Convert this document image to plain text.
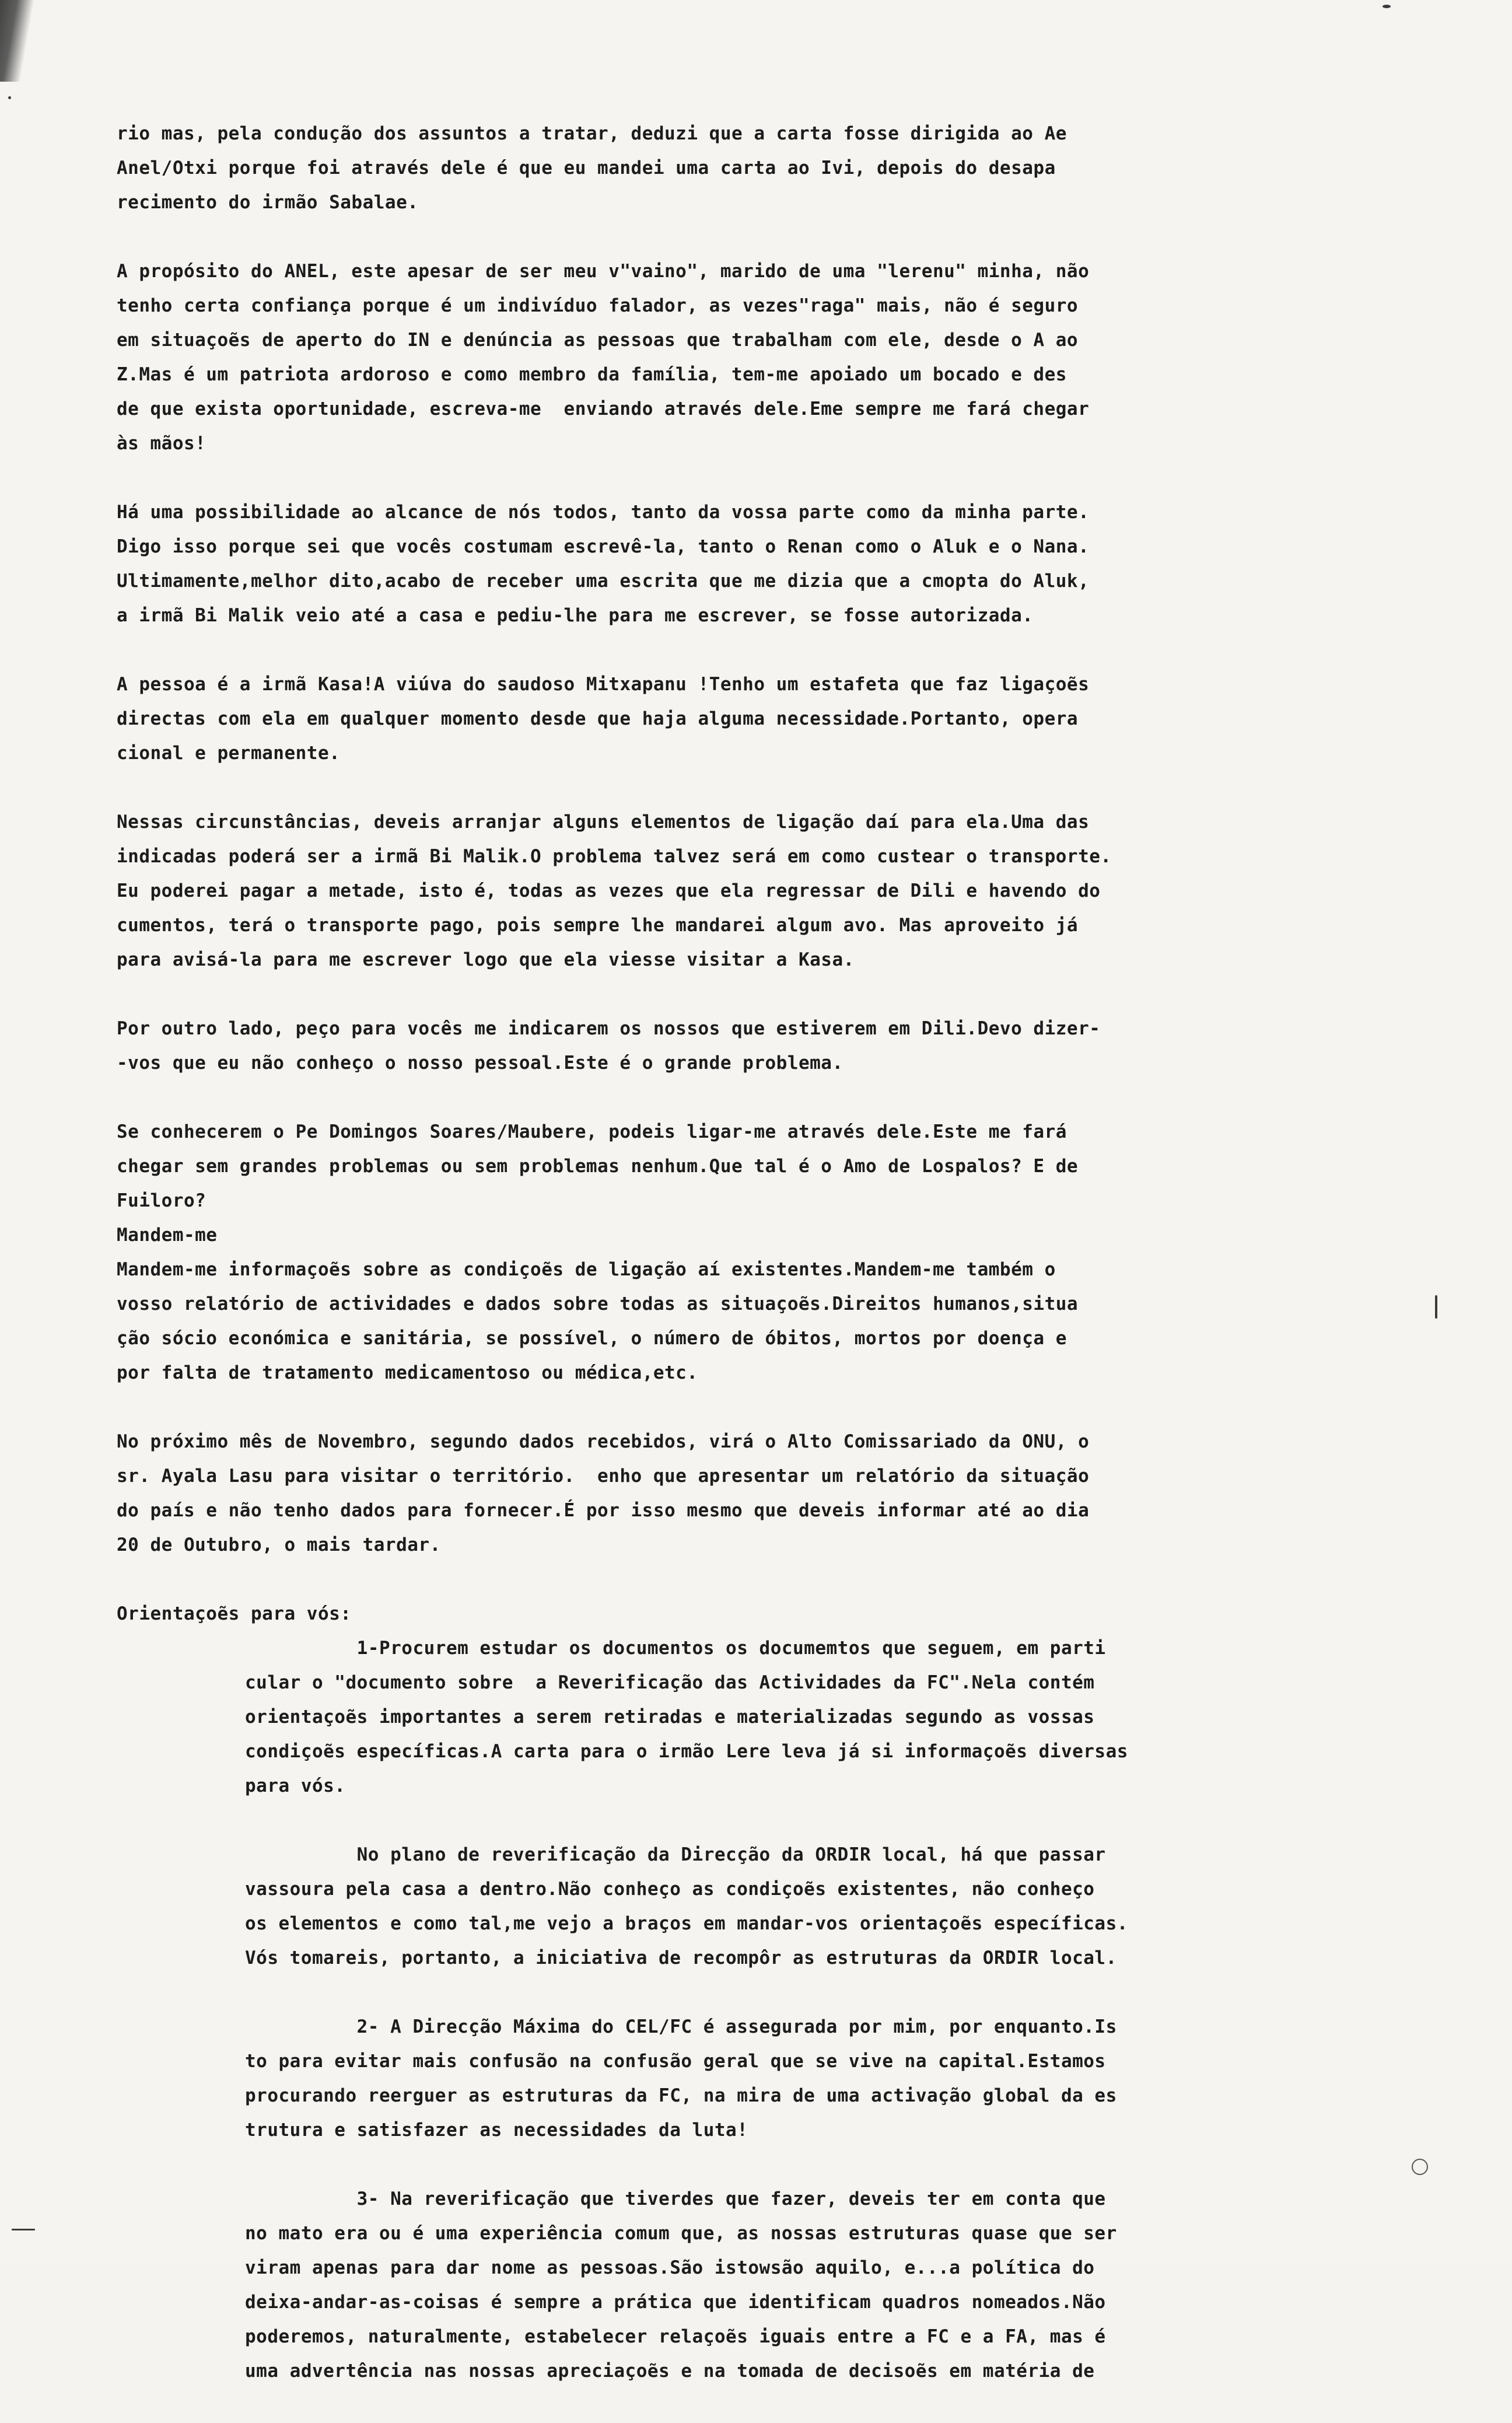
rio mas, pela condução dos assuntos a tratar, deduzi que a carta fosse dirigida ao Ae
Anel/Otxi porque foi através dele é que eu mandei uma carta ao Ivi, depois do desapa
recimento do irmão Sabalae.
A propósito do ANEL, este apesar de ser meu v"vaino", marido de uma "lerenu" minha, não
tenho certa confiança porque é um indivíduo falador, as vezes"raga" mais, não é seguro
em situaçoẽs de aperto do IN e denúncia as pessoas que trabalham com ele, desde o A ao
Z.Mas é um patriota ardoroso e como membro da família, tem-me apoiado um bocado e des
de que exista oportunidade, escreva-me  enviando através dele.Eme sempre me fará chegar
às mãos!
Há uma possibilidade ao alcance de nós todos, tanto da vossa parte como da minha parte.
Digo isso porque sei que vocês costumam escrevê-la, tanto o Renan como o Aluk e o Nana.
Ultimamente,melhor dito,acabo de receber uma escrita que me dizia que a cmopta do Aluk,
a irmã Bi Malik veio até a casa e pediu-lhe para me escrever, se fosse autorizada.
A pessoa é a irmã Kasa!A viúva do saudoso Mitxapanu !Tenho um estafeta que faz ligaçoẽs
directas com ela em qualquer momento desde que haja alguma necessidade.Portanto, opera
cional e permanente.
Nessas circunstâncias, deveis arranjar alguns elementos de ligação daí para ela.Uma das
indicadas poderá ser a irmã Bi Malik.O problema talvez será em como custear o transporte.
Eu poderei pagar a metade, isto é, todas as vezes que ela regressar de Dili e havendo do
cumentos, terá o transporte pago, pois sempre lhe mandarei algum avo. Mas aproveito já
para avisá-la para me escrever logo que ela viesse visitar a Kasa.
Por outro lado, peço para vocês me indicarem os nossos que estiverem em Dili.Devo dizer-
-vos que eu não conheço o nosso pessoal.Este é o grande problema.
Se conhecerem o Pe Domingos Soares/Maubere, podeis ligar-me através dele.Este me fará
chegar sem grandes problemas ou sem problemas nenhum.Que tal é o Amo de Lospalos? E de
Fuiloro?
Mandem-me
Mandem-me informaçoẽs sobre as condiçoẽs de ligação aí existentes.Mandem-me também o
vosso relatório de actividades e dados sobre todas as situaçoẽs.Direitos humanos,situa
ção sócio económica e sanitária, se possível, o número de óbitos, mortos por doença e
por falta de tratamento medicamentoso ou médica,etc.
No próximo mês de Novembro, segundo dados recebidos, virá o Alto Comissariado da ONU, o
sr. Ayala Lasu para visitar o território.  enho que apresentar um relatório da situação
do país e não tenho dados para fornecer.É por isso mesmo que deveis informar até ao dia
20 de Outubro, o mais tardar.
Orientaçoẽs para vós:
1-Procurem estudar os documentos os documemtos que seguem, em parti
cular o "documento sobre  a Reverificação das Actividades da FC".Nela contém
orientaçoẽs importantes a serem retiradas e materializadas segundo as vossas
condiçoẽs específicas.A carta para o irmão Lere leva já si informaçoẽs diversas
para vós.
No plano de reverificação da Direcção da ORDIR local, há que passar
vassoura pela casa a dentro.Não conheço as condiçoẽs existentes, não conheço
os elementos e como tal,me vejo a braços em mandar-vos orientaçoẽs específicas.
Vós tomareis, portanto, a iniciativa de recompôr as estruturas da ORDIR local.
2- A Direcção Máxima do CEL/FC é assegurada por mim, por enquanto.Is
to para evitar mais confusão na confusão geral que se vive na capital.Estamos
procurando reerguer as estruturas da FC, na mira de uma activação global da es
trutura e satisfazer as necessidades da luta!
3- Na reverificação que tiverdes que fazer, deveis ter em conta que
no mato era ou é uma experiência comum que, as nossas estruturas quase que ser
viram apenas para dar nome as pessoas.São istowsão aquilo, e...a política do
deixa-andar-as-coisas é sempre a prática que identificam quadros nomeados.Não
poderemos, naturalmente, estabelecer relaçoẽs iguais entre a FC e a FA, mas é
uma advertência nas nossas apreciaçoẽs e na tomada de decisoẽs em matéria de
